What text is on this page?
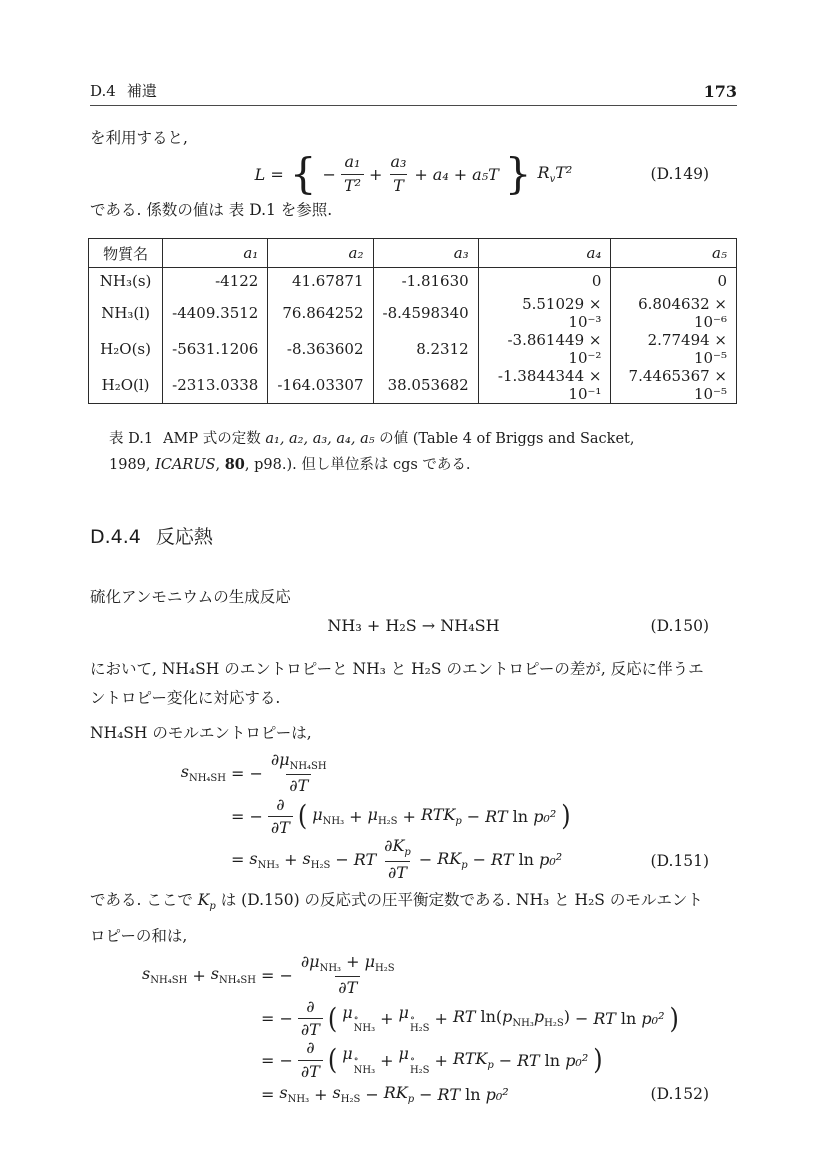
D.4 補遺	173

を利用すると,

L = { − $\frac{\text{a₁}}{\text{T²}} + \frac{\text{a₃}}{T} + a_4 + a_5T$ } $R_vT^2$	(D.149)

である. 係数の値は 表 D.1 を参照.

物質名	a₁	a₂	a₃	a₄	a₅
NH₃(s)	-4122	41.67871	-1.81630	0	0
NH₃(l)	-4409.3512	76.864252	-8.4598340	5.51029 × 10⁻³	6.804632 × 10⁻⁶
H₂O(s)	-5631.1206	-8.363602	8.2312	-3.861449 × 10⁻²	2.77494 × 10⁻⁵
H₂O(l)	-2313.0338	-164.03307	38.053682	-1.3844344 × 10⁻¹	7.4465367 × 10⁻⁵
表 D.1 AMP 式の定数 a₁, a₂, a₃, a₄, a₅ の値 (Table 4 of Briggs and Sacket,
1989, ICARUS, 80, p98.). 但し単位系は cgs である.
D.4.4 反応熱

硫化アンモニウムの生成反応

NH₃ + H₂S → NH₄SH	(D.150)

において, NH₄SH のエントロピーと NH₃ と H₂S のエントロピーの差が, 反応に伴うエ
ントロピー変化に対応する.

NH₄SH のモルエントロピーは,

$s_{NH_4SH}$ = − $\frac{\partial\mu_{NH_4SH}}{\partial T}$
= − $\frac{\partial}{\partial T}$ ( $\mu_{NH_3} + \mu_{H_2S} + RTK_p$ − RT ln p₀² )
= $s_{NH_3} + s_{H_2S}$ − RT $\frac{\partial K_p}{\partial T} - RK_p$ − RT ln p₀²	(D.151)

である. ここで $K_p$ は (D.150) の反応式の圧平衡定数である. NH₃ と H₂S のモルエント
ロピーの和は,

$s_{NH_4SH} + s_{NH_4SH}$ = − $\frac{\partial\mu_{NH_3} + \mu_{H_2S}}{\partial T}$
= − $\frac{\partial}{\partial T}$ ( μ ∘
NH₃
+ μ ∘
H₂S
+ RT $\ln(p_{NH_3}p_{H_2S})$ − RT ln p₀² )
= − $\frac{\partial}{\partial T}$ ( μ ∘
NH₃
+ μ ∘
H₂S
+ $RTK_p$ − RT ln p₀² )
= $s_{NH_3} + s_{H_2S} - RK_p$ − RT ln p₀²	(D.152)
